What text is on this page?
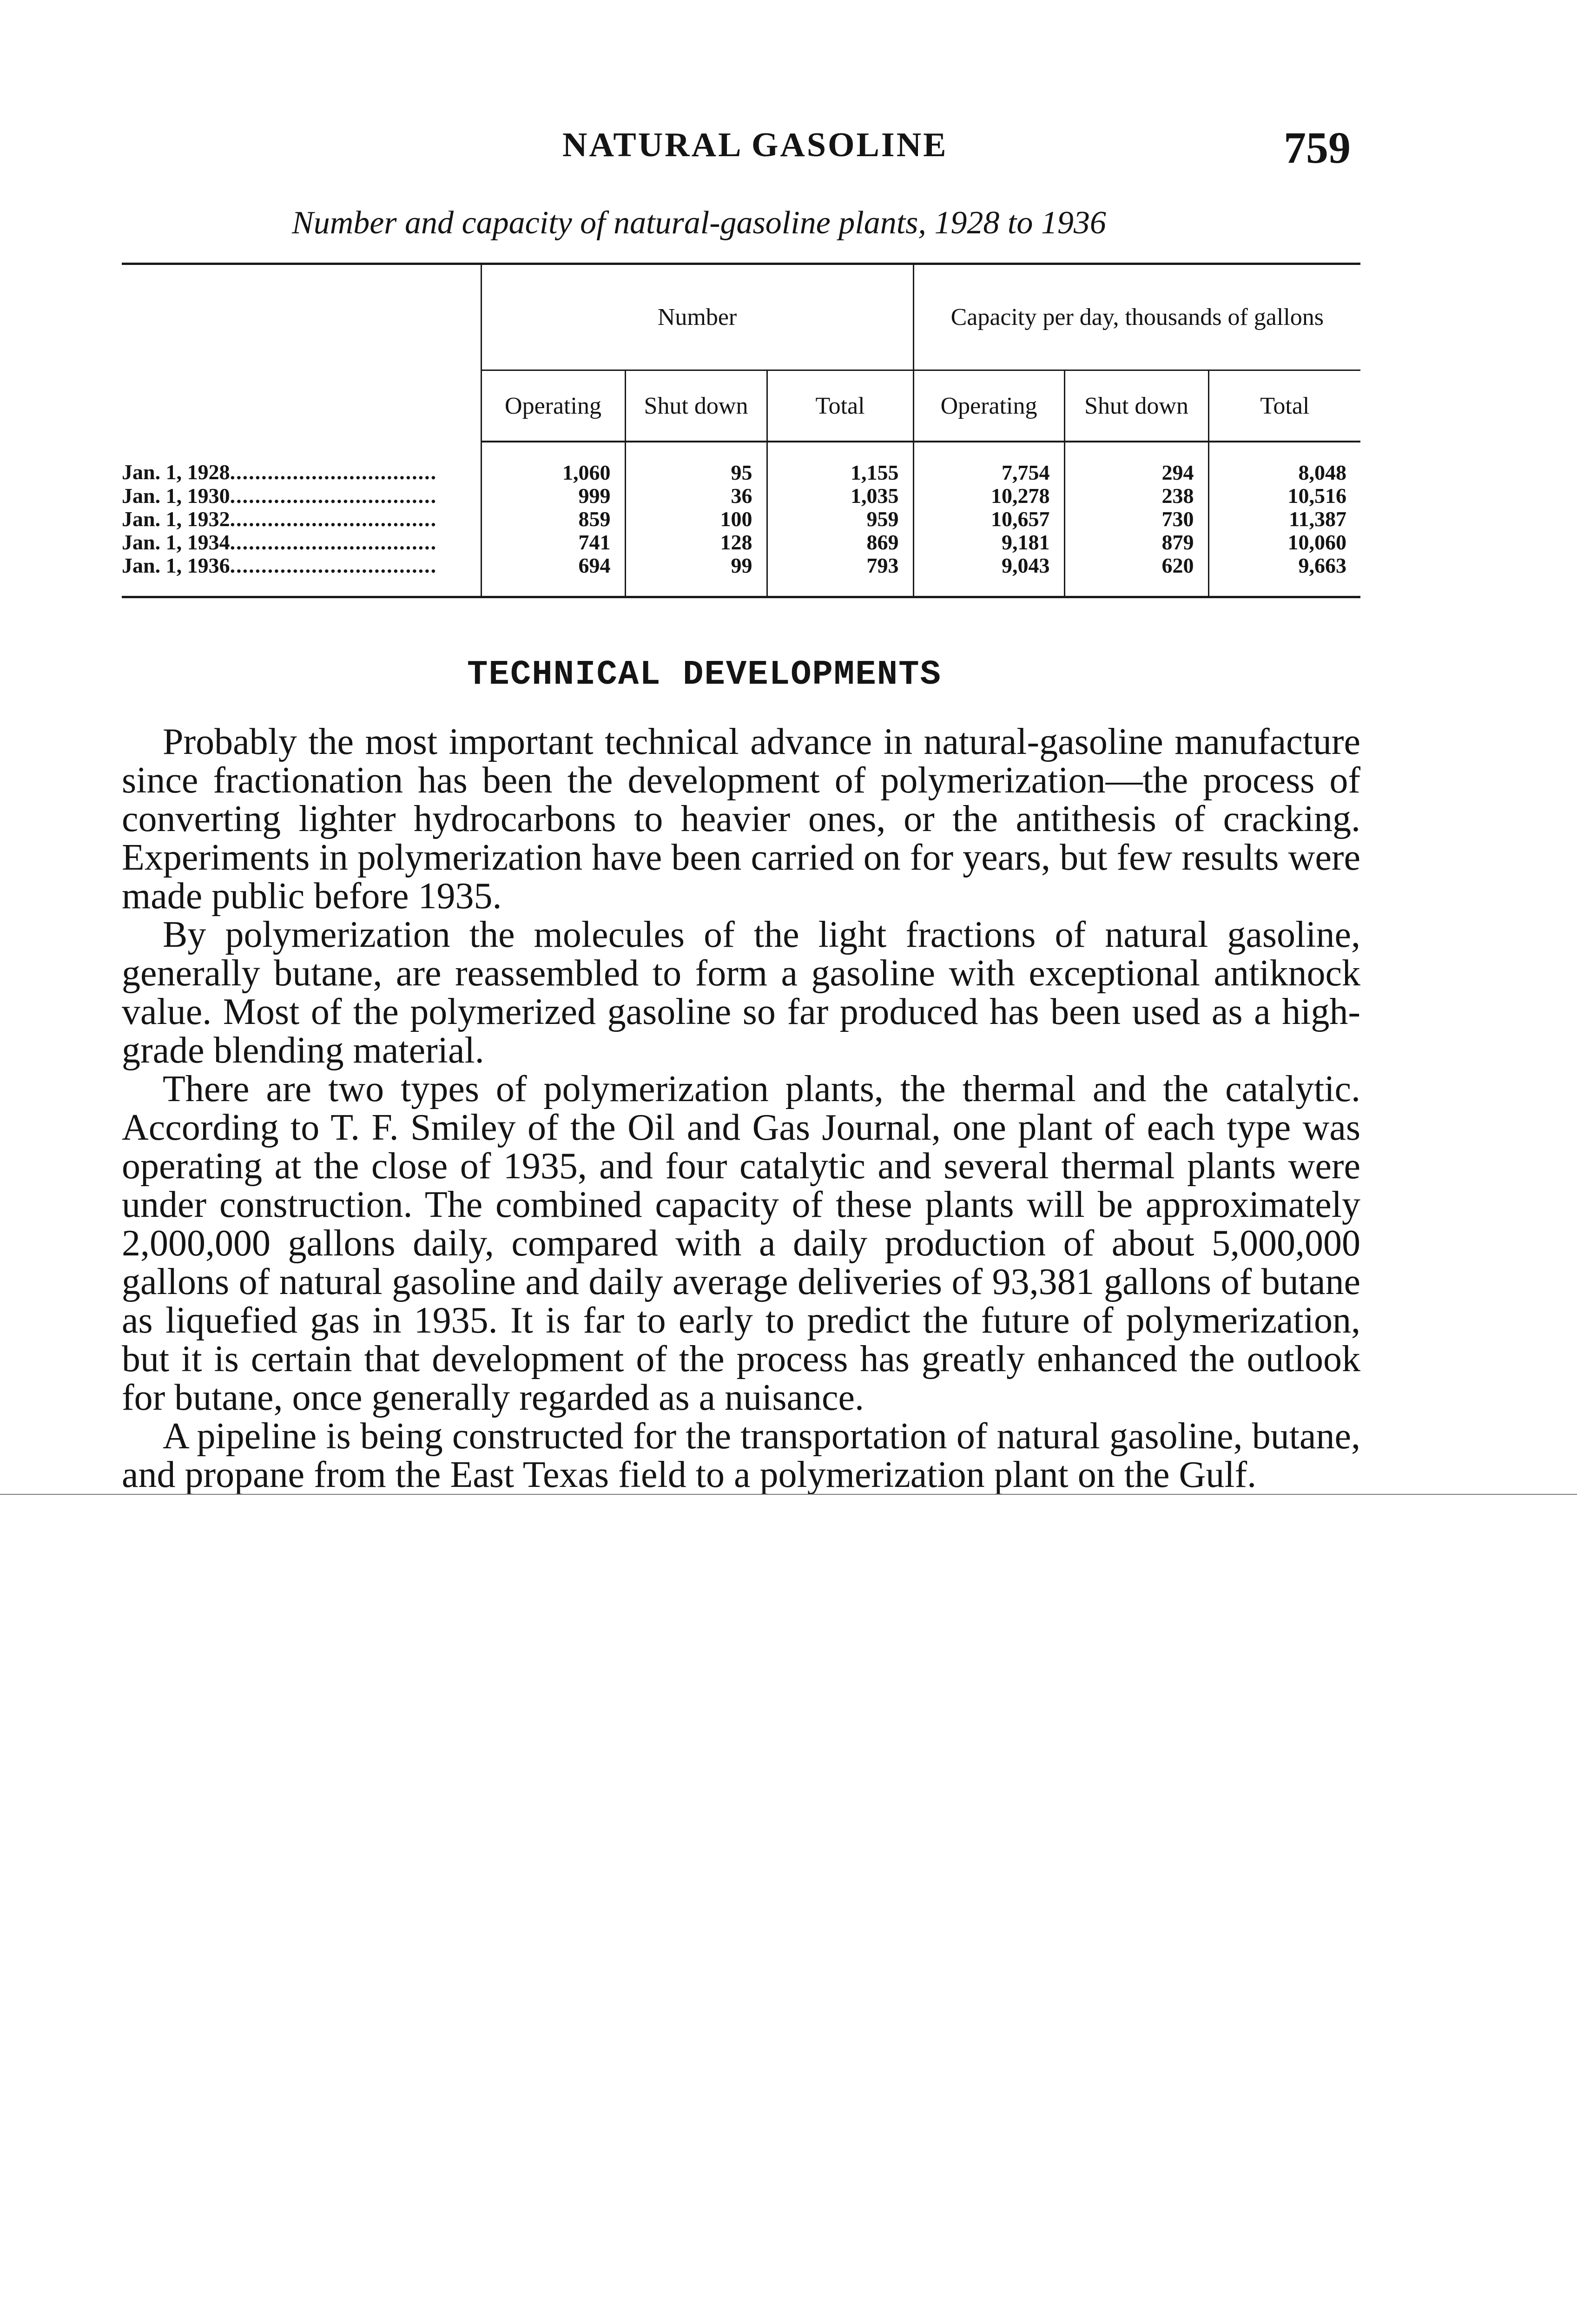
NATURAL GASOLINE	759
Number and capacity of natural-gasoline plants, 1928 to 1936
	Number			Capacity per day, thousands of gallons		
	Operating	Shut down	Total	Operating	Shut down	Total
Jan. 1, 1928.................................	1,060	95	1,155	7,754	294	8,048
Jan. 1, 1930.................................	999	36	1,035	10,278	238	10,516
Jan. 1, 1932.................................	859	100	959	10,657	730	11,387
Jan. 1, 1934.................................	741	128	869	9,181	879	10,060
Jan. 1, 1936.................................	694	99	793	9,043	620	9,663
TECHNICAL DEVELOPMENTS

Probably the most important technical advance in natural-gasoline manufacture since fractionation has been the development of polymerization—the process of converting lighter hydrocarbons to heavier ones, or the antithesis of cracking. Experiments in polymerization have been carried on for years, but few results were made public before 1935.

By polymerization the molecules of the light fractions of natural gasoline, generally butane, are reassembled to form a gasoline with exceptional antiknock value. Most of the polymerized gasoline so far produced has been used as a high-grade blending material.

There are two types of polymerization plants, the thermal and the catalytic. According to T. F. Smiley of the Oil and Gas Journal, one plant of each type was operating at the close of 1935, and four catalytic and several thermal plants were under construction. The combined capacity of these plants will be approximately 2,000,000 gallons daily, compared with a daily production of about 5,000,000 gallons of natural gasoline and daily average deliveries of 93,381 gallons of butane as liquefied gas in 1935. It is far to early to predict the future of polymerization, but it is certain that development of the process has greatly enhanced the outlook for butane, once generally regarded as a nuisance.

A pipeline is being constructed for the transportation of natural gasoline, butane, and propane from the East Texas field to a polymerization plant on the Gulf.
